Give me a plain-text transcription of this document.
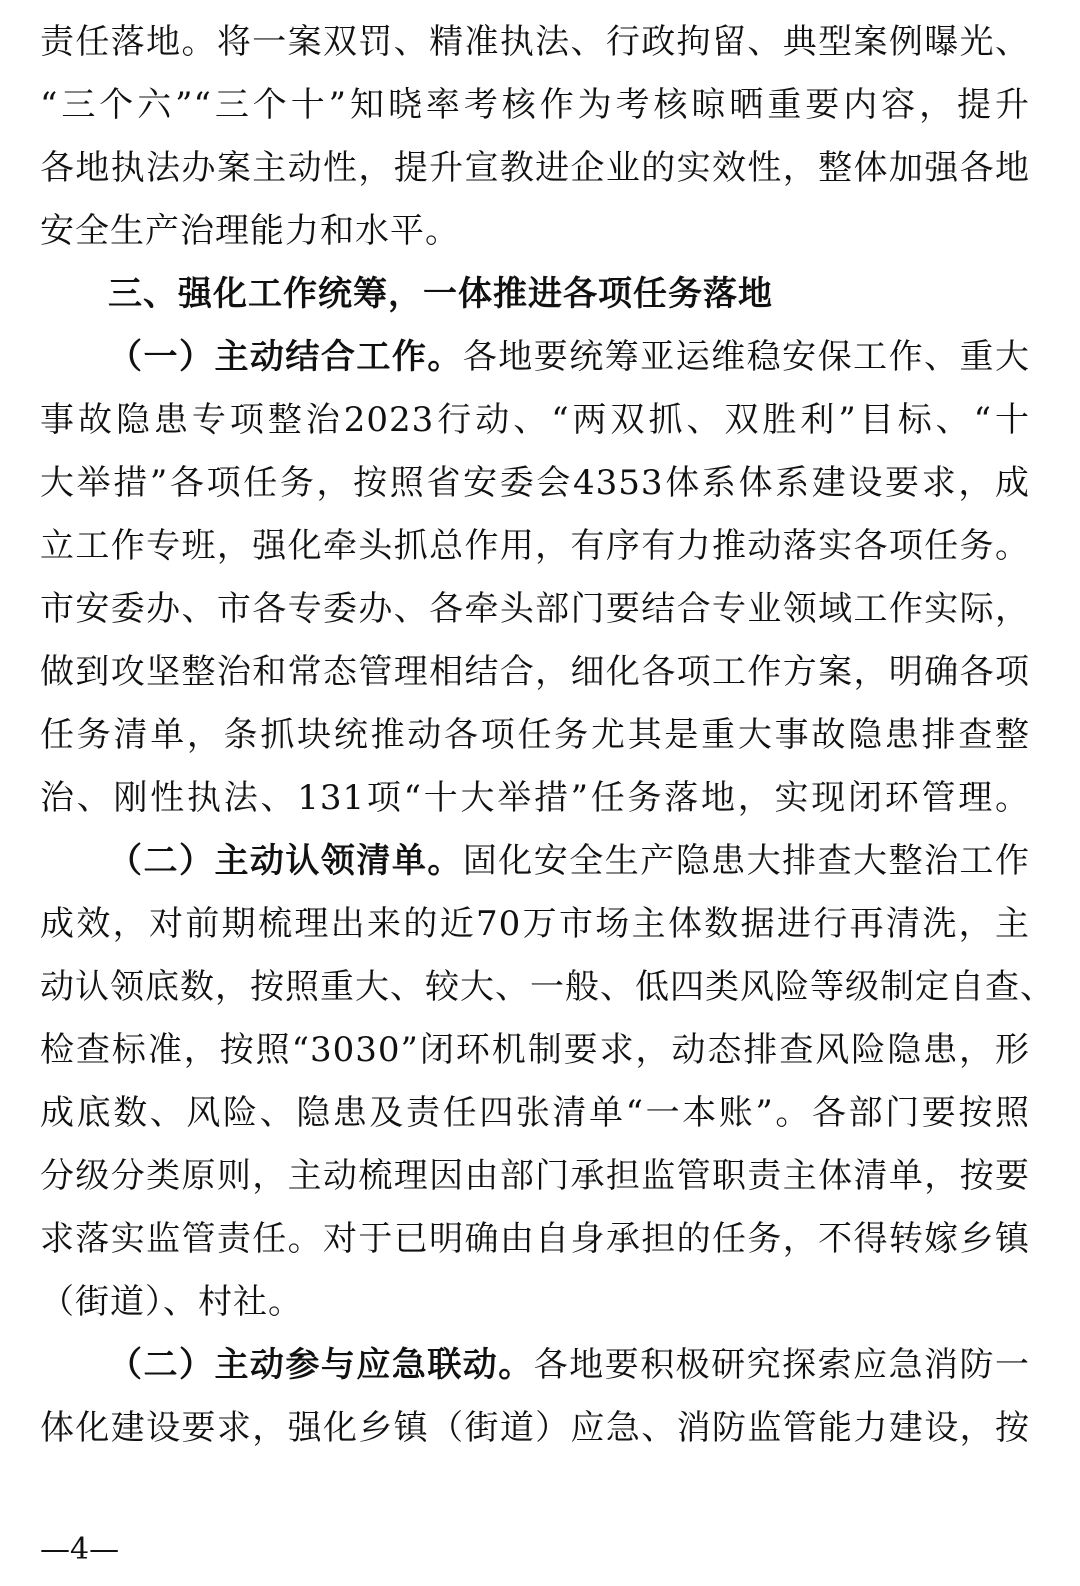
责任落地。将一案双罚、精准执法、行政拘留、典型案例曝光、
“三个六”“三个十”知晓率考核作为考核晾晒重要内容，提升
各地执法办案主动性，提升宣教进企业的实效性，整体加强各地
安全生产治理能力和水平。
三、强化工作统筹，一体推进各项任务落地
（一）主动结合工作。各地要统筹亚运维稳安保工作、重大
事故隐患专项整治2023行动、“两双抓、双胜利”目标、“十
大举措”各项任务，按照省安委会4353体系体系建设要求，成
立工作专班，强化牵头抓总作用，有序有力推动落实各项任务。
市安委办、市各专委办、各牵头部门要结合专业领域工作实际，
做到攻坚整治和常态管理相结合，细化各项工作方案，明确各项
任务清单，条抓块统推动各项任务尤其是重大事故隐患排查整
治、刚性执法、131项“十大举措”任务落地，实现闭环管理。
（二）主动认领清单。固化安全生产隐患大排查大整治工作
成效，对前期梳理出来的近70万市场主体数据进行再清洗，主
动认领底数，按照重大、较大、一般、低四类风险等级制定自查、
检查标准，按照“3030”闭环机制要求，动态排查风险隐患，形
成底数、风险、隐患及责任四张清单“一本账”。各部门要按照
分级分类原则，主动梳理因由部门承担监管职责主体清单，按要
求落实监管责任。对于已明确由自身承担的任务，不得转嫁乡镇
（街道）、村社。
（二）主动参与应急联动。各地要积极研究探索应急消防一
体化建设要求，强化乡镇（街道）应急、消防监管能力建设，按
—4—
